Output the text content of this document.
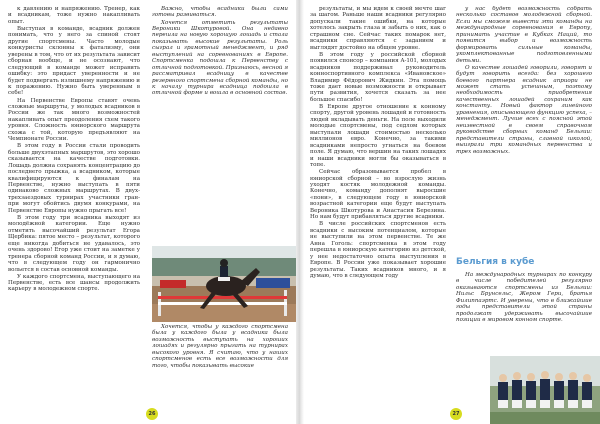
к давлению и напряжению. Тренер, как и всадникам, тоже нужно накапливать опыт.

Выступая в команде, всадник должен понимать, что у него за спиной стоят другие спортсмены. Часто молодые конкуристы склонны к фатализму, они уверены в том, что от их результата зависит сборная вообще, и не осознают, что следующий в команде может исправить ошибку: это придаст уверенности и не будет подвергать излишнему напряжению и к поражению. Нужно быть уверенным в себе!

На Первенстве Европы ставят очень сложные маршруты, у молодых всадников в России же так много возможностей накапливать опыт преодоления схем такого уровня. Сложность юниорского маршрута схожа с той, которую предъявляют на Чемпионате России.

В этом году в России стали проводить больше двухэтапных маршрутов, это хорошо сказывается на качестве подготовки. Лошадь должна сохранять концентрацию до последнего прыжка, а всадником, которые квалифицируются к финалам на Первенстве, нужно выступать в пяти одинаково сложных маршрутах. В двух-трехзаездовых турнирах участники гран-при могут обойтись двумя конкурами, на Первенстве Европы нужно прыгать все!

В этом году три всадника выходят из молодёжной категории. Еще нужно отметить высочайший результат Егора Щербика: пятое место – результат, которого еще никогда добиться не удавалось, это очень здорово! Егор уже стоит на заметке у тренера сборной команд России, и я думаю, что в следующем году он гармонично вольется в состав основной команды.

У каждого спортсмена, выступающего на Первенстве, есть все шансы продолжить карьеру в молодежном спорте.

Важно, чтобы всадники были сами готовы развиваться.

Хочется отметить результаты Вероники Шкотуровой. Она недавно перешла на новую хорошую лошадь и стала показывать высокие результаты. Роль сыграл и грамотный менеджмент, и ряд выступлений на соревнованиях в Европе. Спортсменка подошла к Первенству с отличной подготовкой. Признаюсь, весной я рассматривал всадницу в качестве резервного спортсмена сборной команды, но к началу турнира всадница подошла в отличной форме и вошла в основной состав.

Хочется, чтобы у каждого спортсмена была у каждого была у всадника была возможность выступать на хороших лошадях и регулярно прыгать на турнирах высокого уровня. Я считаю, что у наших спортсменов есть все возможности для того, чтобы показывать высокие

26

результаты, и мы идем к своей мечте шаг за шагом. Раньше наши всадники регулярно допускали такие ошибки, на которые хотелось закрыть глаза и забыть о них, как о страшном сне. Сейчас таких помарок нет, всадники справляются с заданием и выглядят достойно на общем уровне.

В этом году у российской сборной появился спонсор – компания A-101, молодых всадников поддерживал руководитель конноспортивного комплекса «Ивановское» Владимир Фёдорович Жидкин. Эта помощь тоже дает новые возможности и открывает пути развития, хочется сказать за нее большое спасибо!

В Европе другое отношение к конному спорту, другой уровень лошадей и готовность людей вкладывать деньги. На поле выходили молодые спортсмены, под седлом которых выступали лошади стоимостью несколько миллионов евро. Конечно, за такими всадниками непросто угнаться на боевом поле. Я думаю, что вершин на таких лошадях и наши всадники могли бы оказываться в топе.

Сейчас образовывается пробел в юниорской сборной – во взрослую жизнь уходят костяк молодежной команды. Конечно, команду дополнят выросшие «пони», в следующем году в юниорской возрастной категории еще будут выступать Вероника Шкотурова и Анастасия Березина. Но нам будут прибавляться другие всадники.

В числе российских спортсменов есть всадники с высоким потенциалом, которые не выступили на этом первенстве. Те же Анна Гоголь: спортсменка в этом году перешла в юниорскую категорию из детской, у нее недостаточно опыта выступления в Европе. В России уже показывает хорошие результаты. Таких всадников много, и я думаю, что в следующем году

у нас будет возможность собрать несколько составов молодежной сборной. Если мы сможем вывести эти команды на международные соревнования в Европу, принимать участие в Кубках Наций, то появится выбор и возможность формировать сильные команды, укомплектованные подготовленными детьми.

О качестве лошадей говорили, говорят и будут говорить всегда: без хорошего боевого партнера всадник априори не может стать успешным, поэтому необходимость приобретения качественных лошадей сохраним как константу. Новый фактор линейного уравнения, описывающего функцию успеха, – менеджмент. Лучше всех с поясной этой неизвестной в своем справочном руководстве сборных команд Бельгии: представители страны, славной школой, выиграли три командных первенства и трех возможных.

Бельгия в кубе

На международных турнирах по конкуру в числе победителей регулярно оказываются спортсмены из Бельгии: Нильс Брунсельс, Жером Гери, братья Филиппаэртс. И уверены, что в ближайшие годы представители этой страны продолжат удерживать высочайшие позиции в мировом конном спорте.

27
